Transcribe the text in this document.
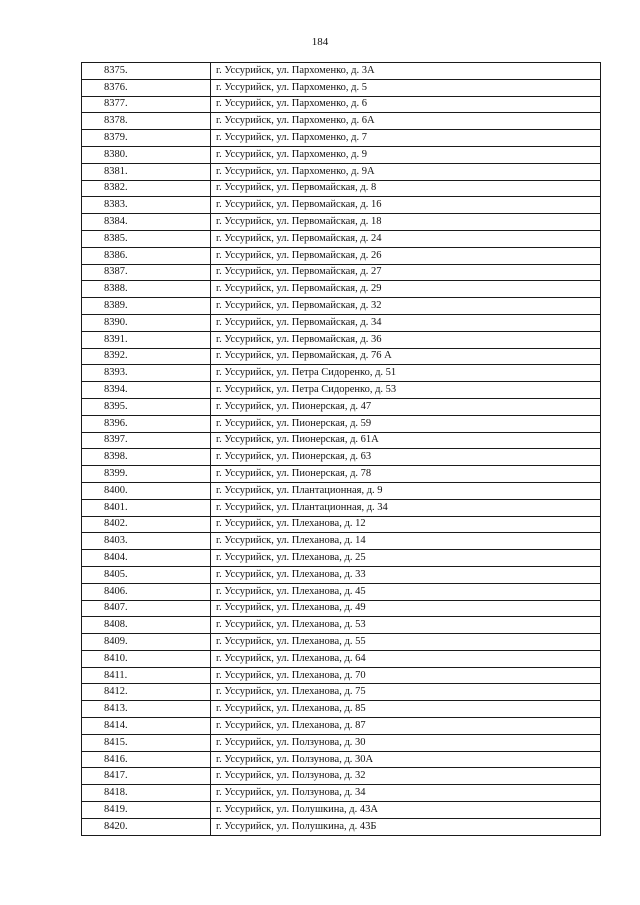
184
8375.	г. Уссурийск, ул. Пархоменко, д. 3А
8376.	г. Уссурийск, ул. Пархоменко, д. 5
8377.	г. Уссурийск, ул. Пархоменко, д. 6
8378.	г. Уссурийск, ул. Пархоменко, д. 6А
8379.	г. Уссурийск, ул. Пархоменко, д. 7
8380.	г. Уссурийск, ул. Пархоменко, д. 9
8381.	г. Уссурийск, ул. Пархоменко, д. 9А
8382.	г. Уссурийск, ул. Первомайская, д. 8
8383.	г. Уссурийск, ул. Первомайская, д. 16
8384.	г. Уссурийск, ул. Первомайская, д. 18
8385.	г. Уссурийск, ул. Первомайская, д. 24
8386.	г. Уссурийск, ул. Первомайская, д. 26
8387.	г. Уссурийск, ул. Первомайская, д. 27
8388.	г. Уссурийск, ул. Первомайская, д. 29
8389.	г. Уссурийск, ул. Первомайская, д. 32
8390.	г. Уссурийск, ул. Первомайская, д. 34
8391.	г. Уссурийск, ул. Первомайская, д. 36
8392.	г. Уссурийск, ул. Первомайская, д. 76 А
8393.	г. Уссурийск, ул. Петра Сидоренко, д. 51
8394.	г. Уссурийск, ул. Петра Сидоренко, д. 53
8395.	г. Уссурийск, ул. Пионерская, д. 47
8396.	г. Уссурийск, ул. Пионерская, д. 59
8397.	г. Уссурийск, ул. Пионерская, д. 61А
8398.	г. Уссурийск, ул. Пионерская, д. 63
8399.	г. Уссурийск, ул. Пионерская, д. 78
8400.	г. Уссурийск, ул. Плантационная, д. 9
8401.	г. Уссурийск, ул. Плантационная, д. 34
8402.	г. Уссурийск, ул. Плеханова, д. 12
8403.	г. Уссурийск, ул. Плеханова, д. 14
8404.	г. Уссурийск, ул. Плеханова, д. 25
8405.	г. Уссурийск, ул. Плеханова, д. 33
8406.	г. Уссурийск, ул. Плеханова, д. 45
8407.	г. Уссурийск, ул. Плеханова, д. 49
8408.	г. Уссурийск, ул. Плеханова, д. 53
8409.	г. Уссурийск, ул. Плеханова, д. 55
8410.	г. Уссурийск, ул. Плеханова, д. 64
8411.	г. Уссурийск, ул. Плеханова, д. 70
8412.	г. Уссурийск, ул. Плеханова, д. 75
8413.	г. Уссурийск, ул. Плеханова, д. 85
8414.	г. Уссурийск, ул. Плеханова, д. 87
8415.	г. Уссурийск, ул. Ползунова, д. 30
8416.	г. Уссурийск, ул. Ползунова, д. 30А
8417.	г. Уссурийск, ул. Ползунова, д. 32
8418.	г. Уссурийск, ул. Ползунова, д. 34
8419.	г. Уссурийск, ул. Полушкина, д. 43А
8420.	г. Уссурийск, ул. Полушкина, д. 43Б
